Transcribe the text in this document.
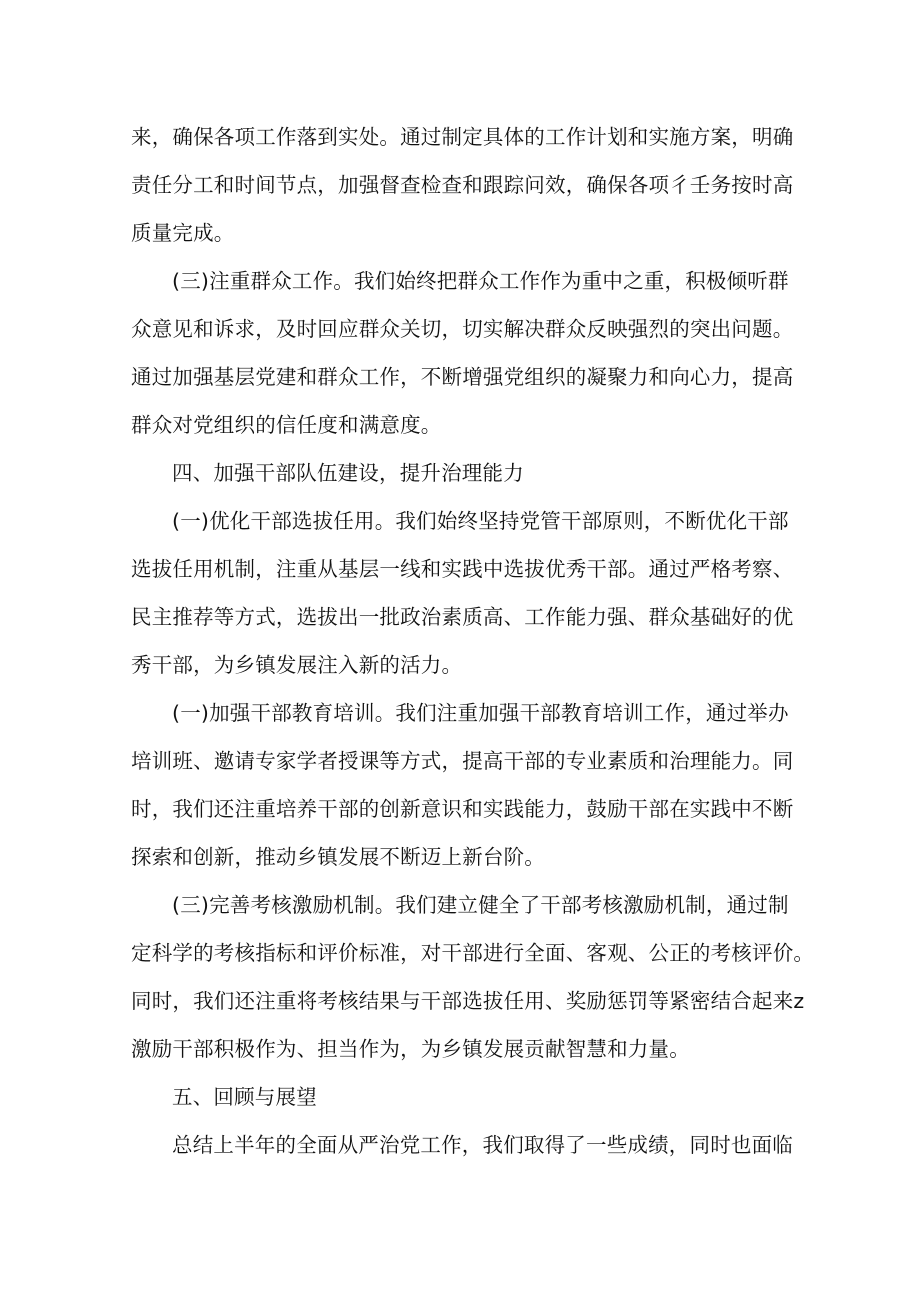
来，确保各项工作落到实处。通过制定具体的工作计划和实施方案，明确
责任分工和时间节点，加强督查检查和跟踪问效，确保各项彳壬务按时高
质量完成。
(三)注重群众工作。我们始终把群众工作作为重中之重，积极倾听群
众意见和诉求，及时回应群众关切，切实解决群众反映强烈的突出问题。
通过加强基层党建和群众工作，不断增强党组织的凝聚力和向心力，提高
群众对党组织的信任度和满意度。
四、加强干部队伍建设，提升治理能力
(一)优化干部选拔任用。我们始终坚持党管干部原则，不断优化干部
选拔任用机制，注重从基层一线和实践中选拔优秀干部。通过严格考察、
民主推荐等方式，选拔出一批政治素质高、工作能力强、群众基础好的优
秀干部，为乡镇发展注入新的活力。
(一)加强干部教育培训。我们注重加强干部教育培训工作，通过举办
培训班、邀请专家学者授课等方式，提高干部的专业素质和治理能力。同
时，我们还注重培养干部的创新意识和实践能力，鼓励干部在实践中不断
探索和创新，推动乡镇发展不断迈上新台阶。
(三)完善考核激励机制。我们建立健全了干部考核激励机制，通过制
定科学的考核指标和评价标准，对干部进行全面、客观、公正的考核评价。
同时，我们还注重将考核结果与干部选拔任用、奖励惩罚等紧密结合起来z
激励干部积极作为、担当作为，为乡镇发展贡献智慧和力量。
五、回顾与展望
总结上半年的全面从严治党工作，我们取得了一些成绩，同时也面临
